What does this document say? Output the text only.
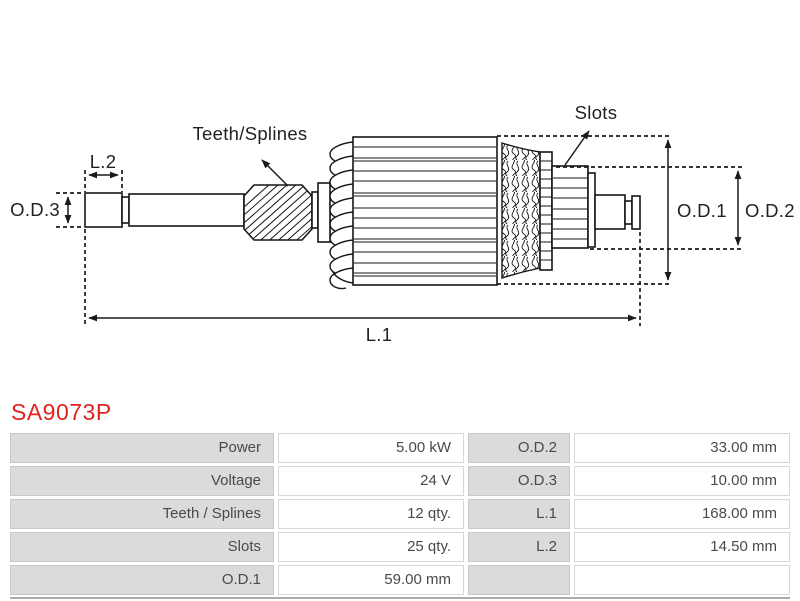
Teeth/Splines
Slots
L.2
O.D.3	O.D.1 O.D.2
L.1
SA9073P
Power	5.00 kW	O.D.2	33.00 mm
Voltage	24 V	O.D.3	10.00 mm
Teeth / Splines	12 qty.	L.1	168.00 mm
Slots	25 qty.	L.2	14.50 mm
O.D.1	59.00 mm
